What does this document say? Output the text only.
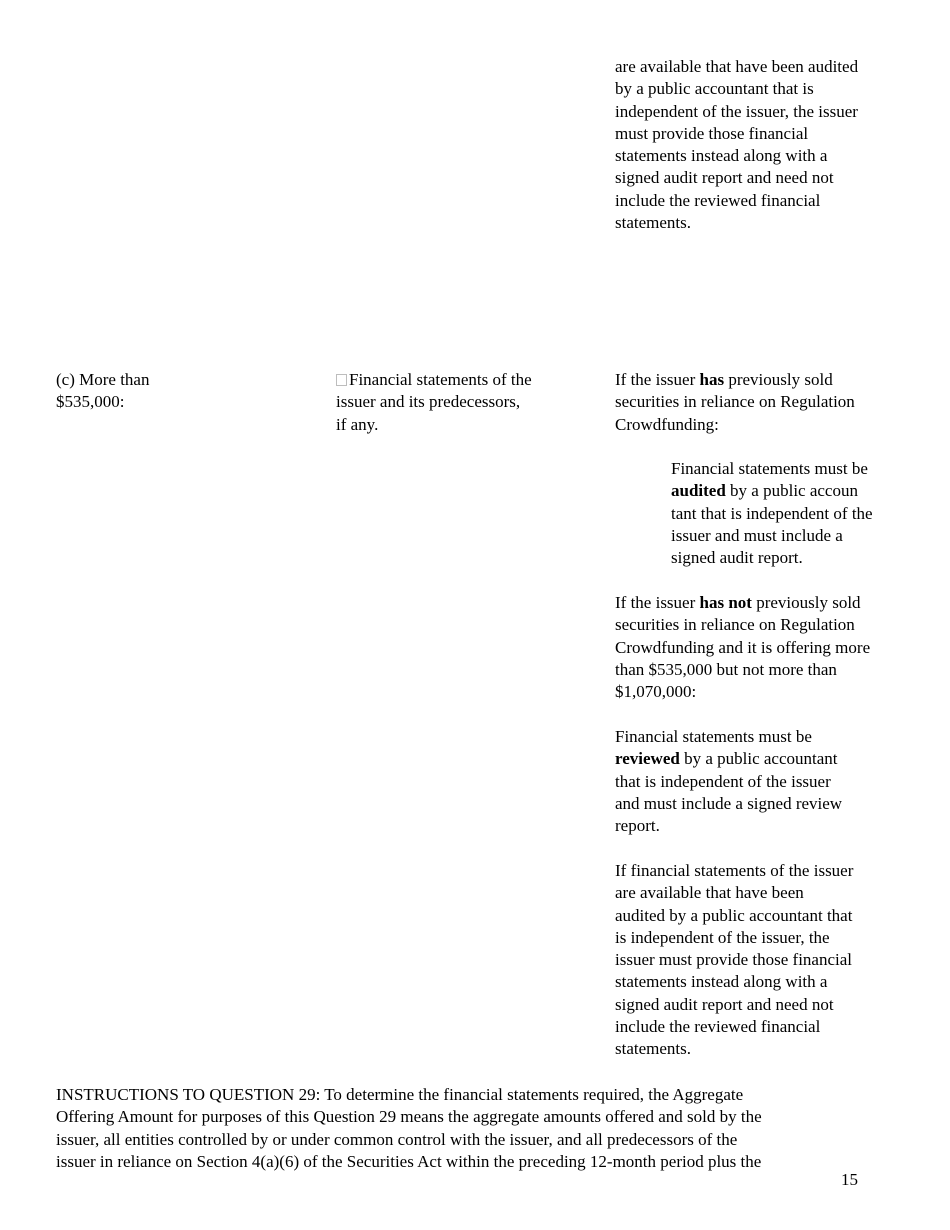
are available that have been audited
by a public accountant that is
independent of the issuer, the issuer
must provide those financial
statements instead along with a
signed audit report and need not
include the reviewed financial
statements.
(c) More than
$535,000:
Financial statements of the
issuer and its predecessors,
if any.
If the issuer has previously sold
securities in reliance on Regulation
Crowdfunding:
Financial statements must be
audited by a public accoun
tant that is independent of the
issuer and must include a
signed audit report.
If the issuer has not previously sold
securities in reliance on Regulation
Crowdfunding and it is offering more
than $535,000 but not more than
$1,070,000:
Financial statements must be
reviewed by a public accountant
that is independent of the issuer
and must include a signed review
report.
If financial statements of the issuer
are available that have been
audited by a public accountant that
is independent of the issuer, the
issuer must provide those financial
statements instead along with a
signed audit report and need not
include the reviewed financial
statements.
INSTRUCTIONS TO QUESTION 29: To determine the financial statements required, the Aggregate
Offering Amount for purposes of this Question 29 means the aggregate amounts offered and sold by the
issuer, all entities controlled by or under common control with the issuer, and all predecessors of the
issuer in reliance on Section 4(a)(6) of the Securities Act within the preceding 12-month period plus the
15
